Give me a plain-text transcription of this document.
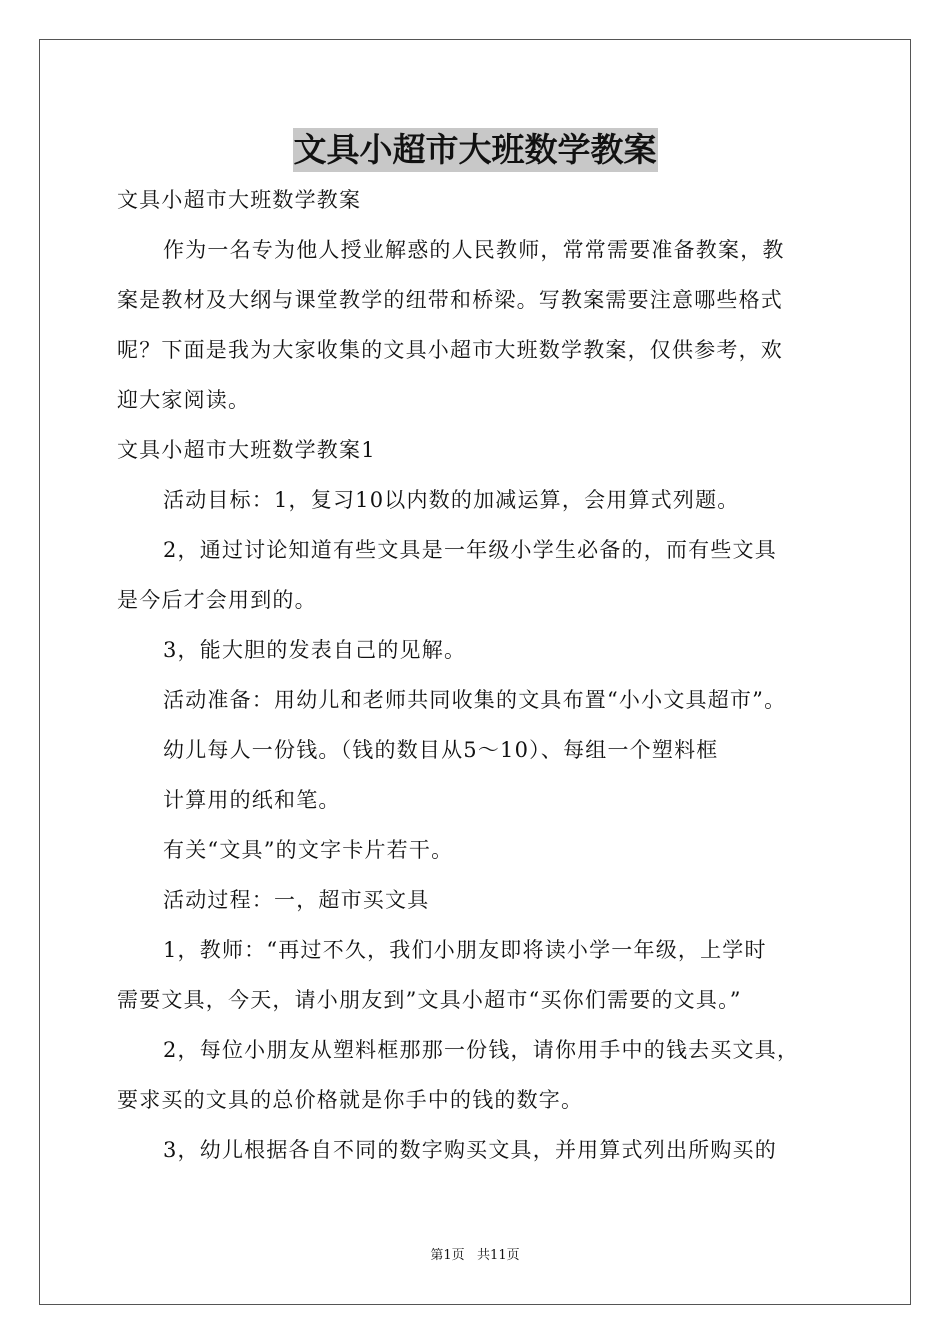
文具小超市大班数学教案
文具小超市大班数学教案
作为一名专为他人授业解惑的人民教师，常常需要准备教案，教
案是教材及大纲与课堂教学的纽带和桥梁。写教案需要注意哪些格式
呢？下面是我为大家收集的文具小超市大班数学教案，仅供参考，欢
迎大家阅读。
文具小超市大班数学教案1
活动目标：1，复习10以内数的加减运算，会用算式列题。
2，通过讨论知道有些文具是一年级小学生必备的，而有些文具
是今后才会用到的。
3，能大胆的发表自己的见解。
活动准备：用幼儿和老师共同收集的文具布置“小小文具超市”。
幼儿每人一份钱。（钱的数目从5～10）、每组一个塑料框
计算用的纸和笔。
有关“文具”的文字卡片若干。
活动过程：一，超市买文具
1，教师：“再过不久，我们小朋友即将读小学一年级，上学时
需要文具，今天，请小朋友到”文具小超市“买你们需要的文具。”
2，每位小朋友从塑料框那那一份钱，请你用手中的钱去买文具，
要求买的文具的总价格就是你手中的钱的数字。
3，幼儿根据各自不同的数字购买文具，并用算式列出所购买的
第1页   共11页
